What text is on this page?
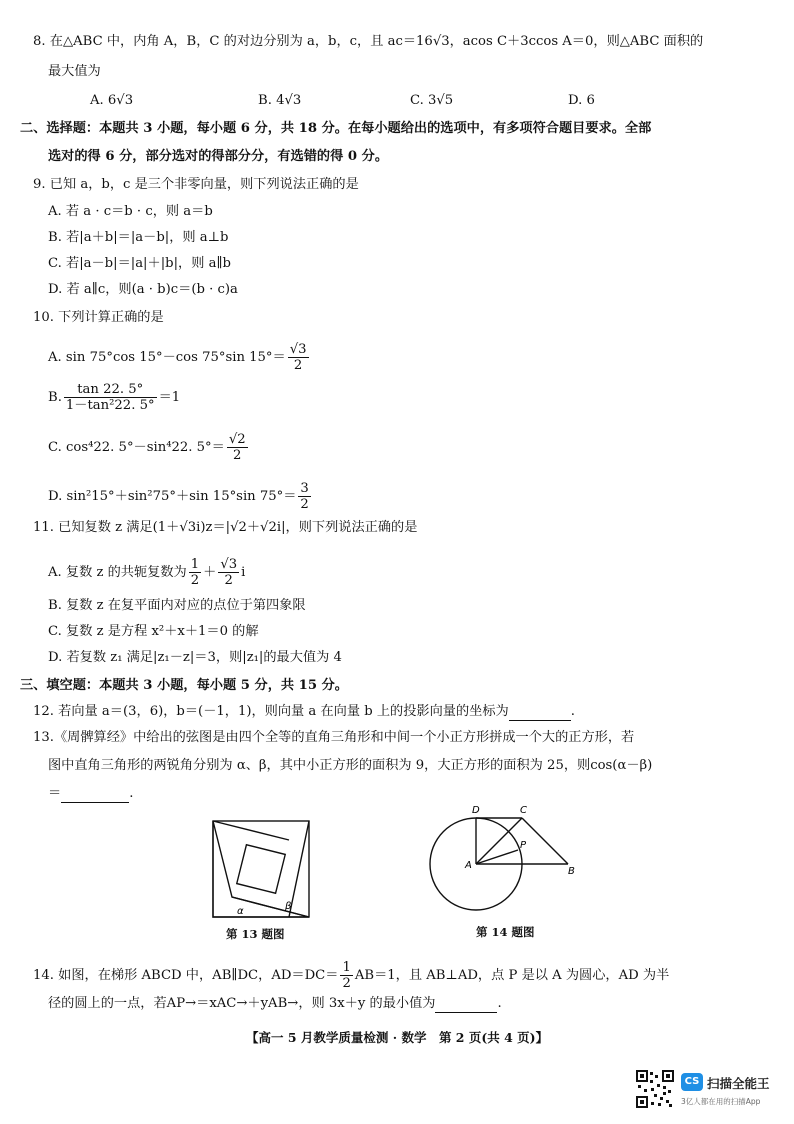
8. 在△ABC 中，内角 A，B，C 的对边分别为 a，b，c，且 ac＝16√3，acos C＋3ccos A＝0，则△ABC 面积的
最大值为
A. 6√3	B. 4√3	C. 3√5	D. 6
二、选择题：本题共 3 小题，每小题 6 分，共 18 分。在每小题给出的选项中，有多项符合题目要求。全部
选对的得 6 分，部分选对的得部分分，有选错的得 0 分。
9. 已知 a，b，c 是三个非零向量，则下列说法正确的是
A. 若 a · c＝b · c，则 a＝b
B. 若|a＋b|＝|a－b|，则 a⊥b
C. 若|a－b|＝|a|＋|b|，则 a∥b
D. 若 a∥c，则(a · b)c＝(b · c)a
10. 下列计算正确的是
A. sin 75°cos 15°－cos 75°sin $15^\circ= \frac{√3}{2}$
B. $\frac{\tan 22. 5^\circ}{\text{1－tan²22. 5°}} =1$
C. cos⁴22. 5°－sin⁴22. $5^\circ= \frac{√2}{2}$
D. sin²15°＋sin²75°＋sin 15°sin $75^\circ= \frac{3}{2}$
11. 已知复数 z 满足(1＋√3i)z＝|√2＋√2i|，则下列说法正确的是
A. 复数 z 的共轭复数为 $\frac{1}{2} + \frac{√3}{2}$ i
B. 复数 z 在复平面内对应的点位于第四象限
C. 复数 z 是方程 x²＋x＋1＝0 的解
D. 若复数 z₁ 满足|z₁－z|＝3，则|z₁|的最大值为 4
三、填空题：本题共 3 小题，每小题 5 分，共 15 分。
12. 若向量 a＝(3，6)，b＝(－1，1)，则向量 a 在向量 b 上的投影向量的坐标为	.
13.《周髀算经》中给出的弦图是由四个全等的直角三角形和中间一个小正方形拼成一个大的正方形，若
图中直角三角形的两锐角分别为 α、β，其中小正方形的面积为 9，大正方形的面积为 25，则cos(α－β)
＝	.
α	β
第 13 题图
D	C
P
A
B
第 14 题图
14. 如图，在梯形 ABCD 中，AB∥DC，$AD=DC= \frac{1}{2} AB=1$，且 AB⊥AD，点 P 是以 A 为圆心，AD 为半
径的圆上的一点，若AP→＝xAC→＋yAB→，则 3x＋y 的最小值为	.
【高一 5 月教学质量检测 · 数学　第 2 页(共 4 页)】
CS 扫描全能王
3亿人都在用的扫描App
